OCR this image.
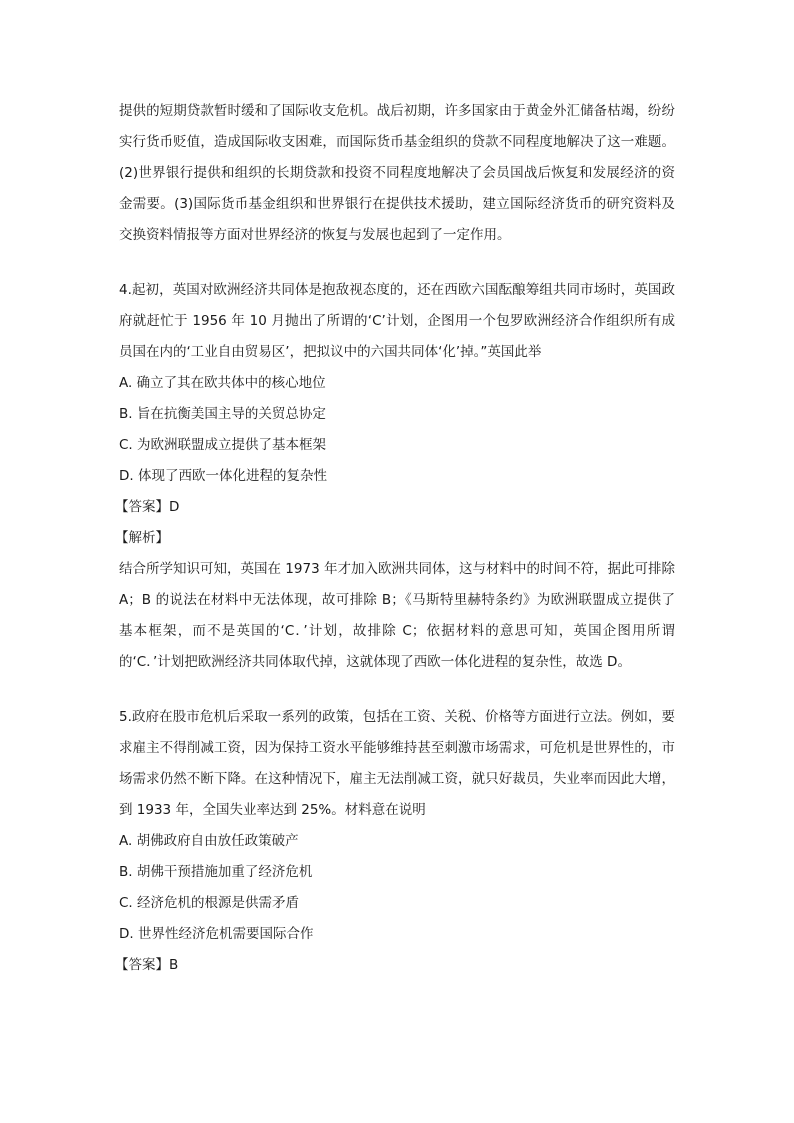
提供的短期贷款暂时缓和了国际收支危机。战后初期，许多国家由于黄金外汇储备枯竭，纷纷实行货币贬值，造成国际收支困难，而国际货币基金组织的贷款不同程度地解决了这一难题。(2)世界银行提供和组织的长期贷款和投资不同程度地解决了会员国战后恢复和发展经济的资金需要。(3)国际货币基金组织和世界银行在提供技术援助，建立国际经济货币的研究资料及交换资料情报等方面对世界经济的恢复与发展也起到了一定作用。

4.起初，英国对欧洲经济共同体是抱敌视态度的，还在西欧六国酝酿筹组共同市场时，英国政府就赶忙于 1956 年 10 月抛出了所谓的‘C’计划，企图用一个包罗欧洲经济合作组织所有成员国在内的‘工业自由贸易区’，把拟议中的六国共同体‘化’掉。”英国此举

A. 确立了其在欧共体中的核心地位

B. 旨在抗衡美国主导的关贸总协定

C. 为欧洲联盟成立提供了基本框架

D. 体现了西欧一体化进程的复杂性

【答案】D

【解析】

结合所学知识可知，英国在 1973 年才加入欧洲共同体，这与材料中的时间不符，据此可排除 A；B 的说法在材料中无法体现，故可排除 B；《马斯特里赫特条约》为欧洲联盟成立提供了基本框架，而不是英国的‘C．’计划，故排除 C；依据材料的意思可知，英国企图用所谓的‘C．’计划把欧洲经济共同体取代掉，这就体现了西欧一体化进程的复杂性，故选 D。

5.政府在股市危机后采取一系列的政策，包括在工资、关税、价格等方面进行立法。例如，要求雇主不得削减工资，因为保持工资水平能够维持甚至刺激市场需求，可危机是世界性的，市场需求仍然不断下降。在这种情况下，雇主无法削减工资，就只好裁员，失业率而因此大增，到 1933 年，全国失业率达到 25%。材料意在说明

A. 胡佛政府自由放任政策破产

B. 胡佛干预措施加重了经济危机

C. 经济危机的根源是供需矛盾

D. 世界性经济危机需要国际合作

【答案】B
